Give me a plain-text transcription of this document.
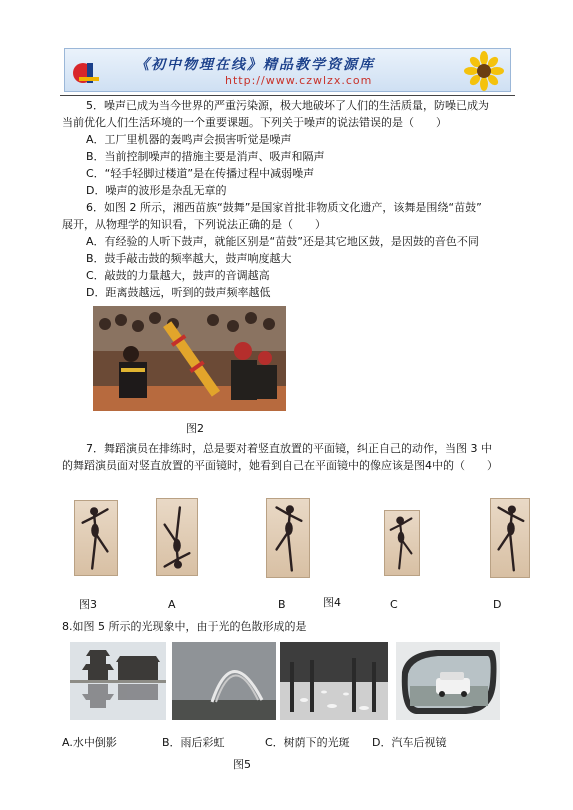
《初中物理在线》精品教学资源库
http://www.czwlzx.com
5．噪声已成为当今世界的严重污染源，极大地破坏了人们的生活质量，防噪已成为
当前优化人们生活环境的一个重要课题。下列关于噪声的说法错误的是（　　）
A．工厂里机器的轰鸣声会损害听觉是噪声
B．当前控制噪声的措施主要是消声、吸声和隔声
C．“轻手轻脚过楼道”是在传播过程中减弱噪声
D．噪声的波形是杂乱无章的
6．如图 2 所示，湘西苗族“鼓舞”是国家首批非物质文化遗产，该舞是围绕“苗鼓”
展开，从物理学的知识看，下列说法正确的是（　　）
A．有经验的人听下鼓声，就能区别是“苗鼓”还是其它地区鼓，是因鼓的音色不同
B．鼓手敲击鼓的频率越大，鼓声响度越大
C．敲鼓的力量越大，鼓声的音调越高
D．距离鼓越远，听到的鼓声频率越低
图2
7．舞蹈演员在排练时，总是要对着竖直放置的平面镜，纠正自己的动作，当图 3 中
的舞蹈演员面对竖直放置的平面镜时，她看到自己在平面镜中的像应该是图4中的（　　）
图3	A	B	图4	C	D
8.如图 5 所示的光现象中，由于光的色散形成的是
A.水中倒影	B．雨后彩虹	C．树荫下的光斑 D．汽车后视镜
图5
